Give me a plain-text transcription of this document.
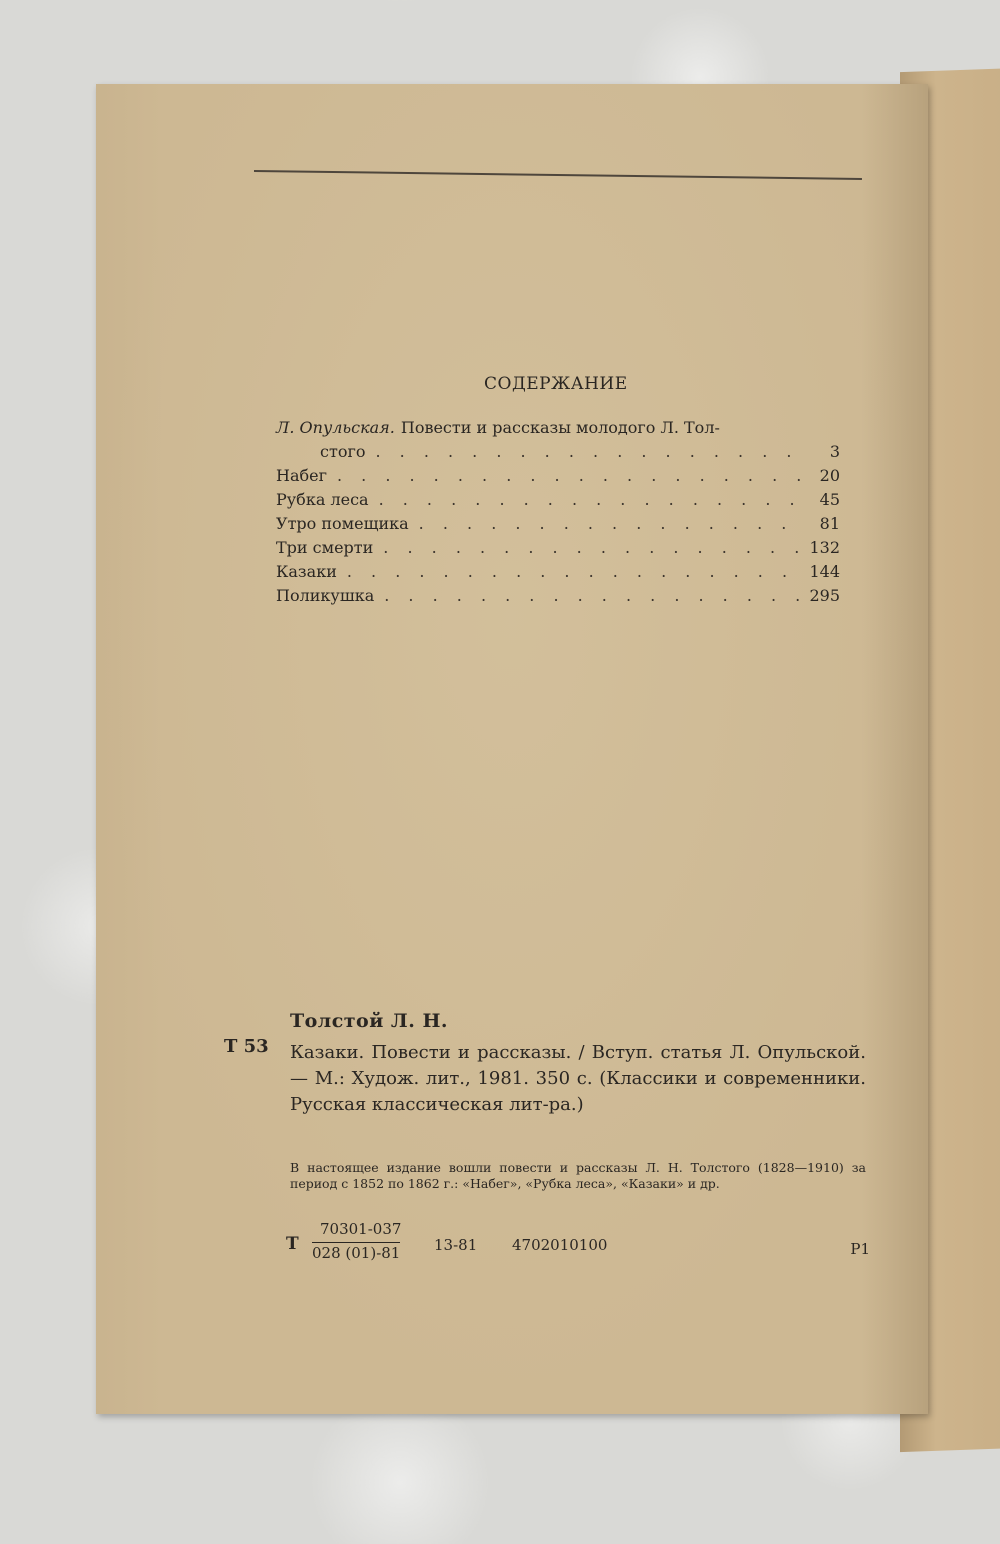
СОДЕРЖАНИЕ
Л. Опульская. Повести и рассказы молодого Л. Тол-
стого . . .	3
Набег . . .	20
Рубка леса . . .	45
Утро помещика . . .	81
Три смерти . . .	132
Казаки . . .	144
Поликушка . . .	295
Т 53
Толстой Л. Н.
Казаки. Повести и рассказы. / Вступ. статья Л. Опульской.— М.: Худож. лит., 1981. 350 с. (Классики и современники. Русская классическая лит-ра.)
В настоящее издание вошли повести и рассказы Л. Н. Толстого (1828—1910) за период с 1852 по 1862 г.: «Набег», «Рубка леса», «Казаки» и др.
Т
70301-037
028 (01)-81 13-81 4702010100	Р1
